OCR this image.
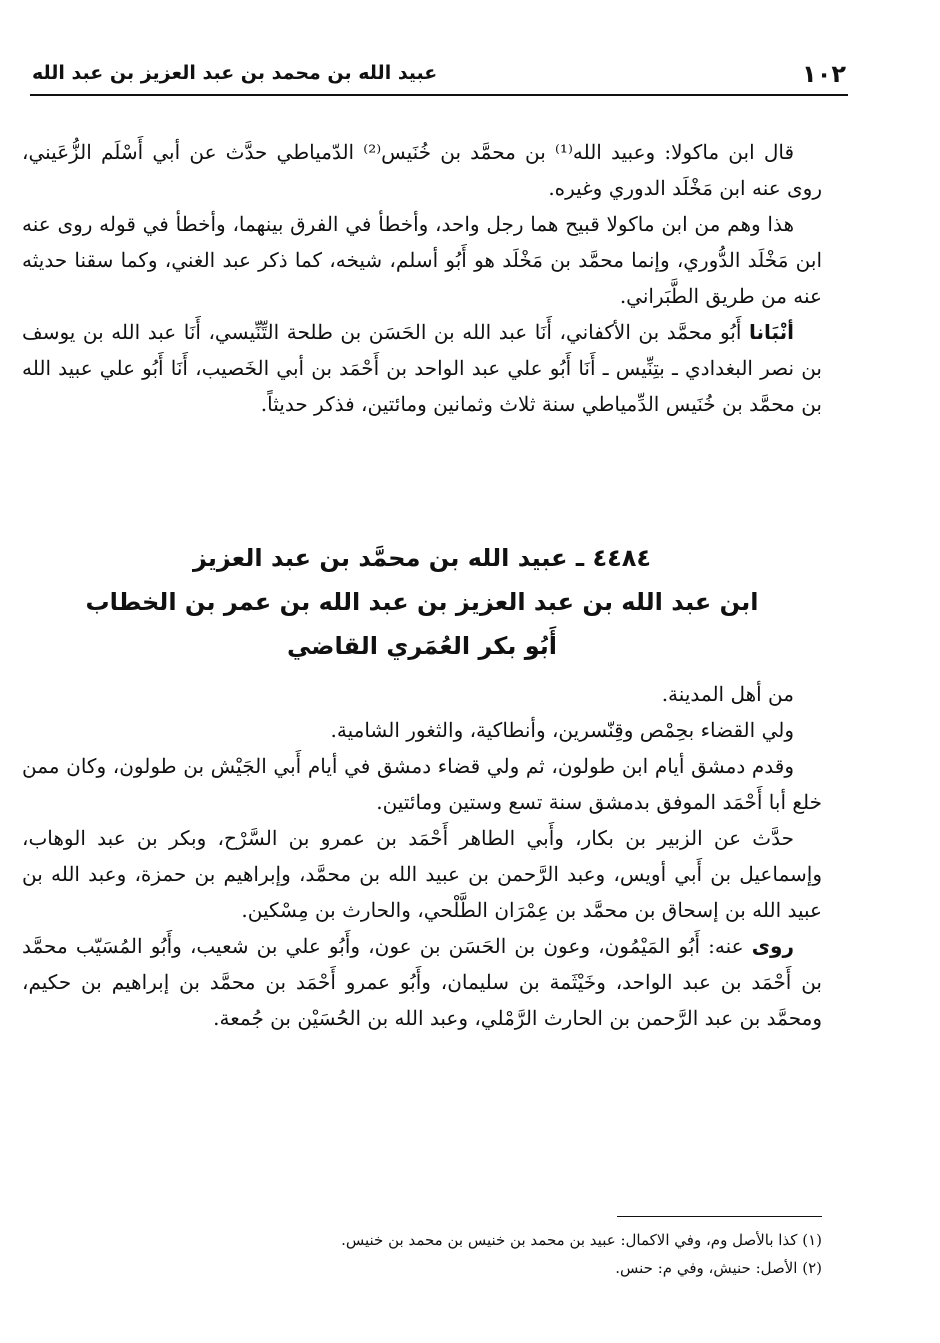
١٠٢
عبيد الله بن محمد بن عبد العزيز بن عبد الله

قال ابن ماكولا: وعبيد الله⁽¹⁾ بن محمَّد بن خُنَيس⁽²⁾ الدّمياطي حدَّث عن أبي أَسْلَم الزُّعَيني، روى عنه ابن مَخْلَد الدوري وغيره.

هذا وهم من ابن ماكولا قبيح هما رجل واحد، وأخطأ في الفرق بينهما، وأخطأ في قوله روى عنه ابن مَخْلَد الدُّوري، وإنما محمَّد بن مَخْلَد هو أَبُو أسلم، شيخه، كما ذكر عبد الغني، وكما سقنا حديثه عنه من طريق الطَّبَراني.

أنْبَانا أَبُو محمَّد بن الأكفاني، أَنَا عبد الله بن الحَسَن بن طلحة التِّنِّيسي، أَنَا عبد الله بن يوسف بن نصر البغدادي ـ بتِنِّيس ـ أَنَا أَبُو علي عبد الواحد بن أَحْمَد بن أبي الخَصيب، أَنَا أَبُو علي عبيد الله بن محمَّد بن خُنَيس الدِّمياطي سنة ثلاث وثمانين ومائتين، فذكر حديثاً.

٤٤٨٤ ـ عبيد الله بن محمَّد بن عبد العزيز
ابن عبد الله بن عبد العزيز بن عبد الله بن عمر بن الخطاب
أَبُو بكر العُمَري القاضي

من أهل المدينة.

ولي القضاء بحِمْص وقِنّسرين، وأنطاكية، والثغور الشامية.

وقدم دمشق أيام ابن طولون، ثم ولي قضاء دمشق في أيام أَبي الجَيْش بن طولون، وكان ممن خلع أبا أَحْمَد الموفق بدمشق سنة تسع وستين ومائتين.

حدَّث عن الزبير بن بكار، وأَبي الطاهر أَحْمَد بن عمرو بن السَّرْح، وبكر بن عبد الوهاب، وإسماعيل بن أَبي أويس، وعبد الرَّحمن بن عبيد الله بن محمَّد، وإبراهيم بن حمزة، وعبد الله بن عبيد الله بن إسحاق بن محمَّد بن عِمْرَان الطَّلْحي، والحارث بن مِسْكين.

روى عنه: أَبُو المَيْمُون، وعون بن الحَسَن بن عون، وأَبُو علي بن شعيب، وأَبُو المُسَيّب محمَّد بن أَحْمَد بن عبد الواحد، وخَيْثَمة بن سليمان، وأَبُو عمرو أَحْمَد بن محمَّد بن إبراهيم بن حكيم، ومحمَّد بن عبد الرَّحمن بن الحارث الرَّمْلي، وعبد الله بن الحُسَيْن بن جُمعة.

(١) كذا بالأصل وم، وفي الاكمال: عبيد بن محمد بن خنيس بن محمد بن خنيس.
(٢) الأصل: حنيش، وفي م: حنس.
